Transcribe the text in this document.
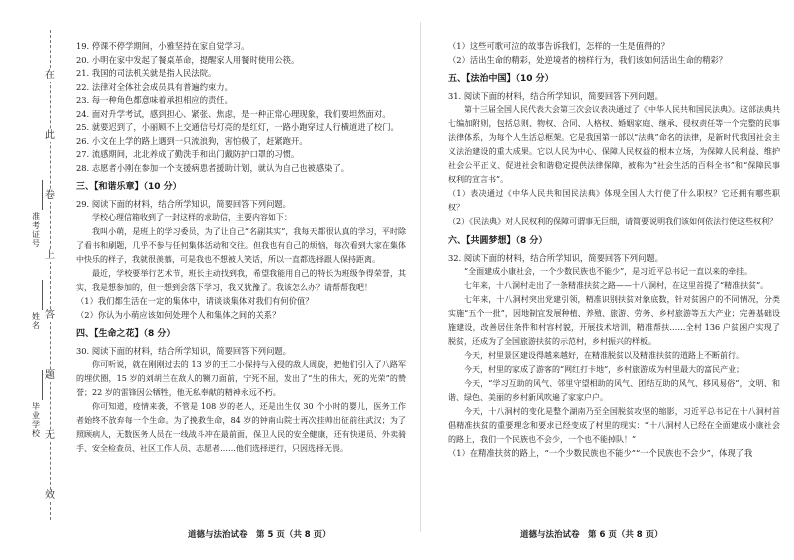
在
此
卷
上
答
题
无
效
准考证号
姓名
毕业学校
19. 停课不停学期间，小雅坚持在家自觉学习。
20. 小明在家中发起了餐桌革命，提醒家人用餐时使用公筷。
21. 我国的司法机关就是指人民法院。
22. 法律对全体社会成员具有普遍约束力。
23. 每一种角色都意味着承担相应的责任。
24. 面对升学考试，感到担心、紧张、焦虑，是一种正常心理现象，我们要坦然面对。
25. 就要迟到了，小丽顾不上交通信号灯亮的是红灯，一路小跑穿过人行横道进了校门。
26. 小文在上学的路上遇到一只流浪狗，害怕极了，赶紧跑开。
27. 流感期间，北北养成了勤洗手和出门戴防护口罩的习惯。
28. 志愿者小刚在参加一个支援病患者援助计划，就认为自己也被感染了。
三、【和谐乐章】（10 分）
29. 阅读下面的材料，结合所学知识，简要回答下列问题。
学校心理信箱收到了一封这样的求助信，主要内容如下：
我叫小萌，是班上的学习委员，为了让自己“名副其实”，我每天都很认真的学习，平时除了看书和刷题，几乎不参与任何集体活动和交往。但我也有自己的烦恼，每次看到大家在集体中快乐的样子，我就很羡慕，可是我也不想被人笑话，所以一直都选择跟人保持距离。
最近，学校要举行艺术节，班长主动找到我，希望我能用自己的特长为班级争得荣誉，其实，我是想参加的，但一想到会落下学习，我又犹豫了。我该怎么办？请帮帮我吧！
（1）我们都生活在一定的集体中，请谈谈集体对我们有何价值？
（2）你认为小萌应该如何处理个人和集体之间的关系？
四、【生命之花】（8 分）
30. 阅读下面的材料，结合所学知识，简要回答下列问题。
你可听说，就在刚刚过去的 13 岁的王二小保持与入侵的敌人周旋，把他们引入了八路军的埋伏圈，15 岁的刘胡兰在敌人的铡刀面前，宁死不屈，发出了“生的伟大，死的光荣”的赞誉；22 岁的雷锋因公牺牲，他无私奉献的精神永远不朽。
你可知道，疫情来袭，不管是 108 岁的老人，还是出生仅 30 个小时的婴儿，医务工作者始终不放弃每一个生命。为了挽救生命，84 岁的钟南山院士再次挂帅出征前往武汉；为了照顾病人，无数医务人员在一线战斗冲在最前面，保卫人民的安全健康，还有快递员、外卖骑手、安全检查员、社区工作人员、志愿者……他们选择逆行，只因选择无畏。
（1）这些可歌可泣的故事告诉我们，怎样的一生是值得的？
（2）活出生命的精彩，处逆境者的榜样行为，我们该如何活出生命的精彩？
五、【法治中国】（10 分）
31. 阅读下面的材料，结合所学知识，简要回答下列问题。
第十三届全国人民代表大会第三次会议表决通过了《中华人民共和国民法典》。这部法典共七编加附则，包括总则、物权、合同、人格权、婚姻家庭、继承、侵权责任等一个完整的民事法律体系，为每个人生活总框架。它是我国第一部以“法典”命名的法律，是新时代我国社会主义法治建设的重大成果。它以人民为中心、保障人民权益的根本立场，为保障人民利益、维护社会公平正义、促进社会和谐稳定提供法律保障，被称为“社会生活的百科全书”和“保障民事权利的宣言书”。
（1）表决通过《中华人民共和国民法典》体现全国人大行使了什么职权？它还拥有哪些职权？
（2）《民法典》对人民权利的保障可谓事无巨细，请简要说明我们该如何依法行使这些权利？
六、【共圆梦想】（8 分）
32. 阅读下面的材料，结合所学知识，简要回答下列问题。
“全面建成小康社会，一个少数民族也不能少”，是习近平总书记一直以来的牵挂。
七年来，十八洞村走出了一条精准扶贫之路——十八洞村，在这里首提了“精准扶贫”。
七年来，十八洞村突出党建引领，精准识别扶贫对象底数，针对贫困户的不同情况，分类实施“五个一批”，因地制宜发展种植、养殖、旅游、劳务、乡村旅游等五大产业；完善基础设施建设，改善居住条件和村容村貌，开展技术培训，精准帮扶……全村 136 户贫困户实现了脱贫，还成为了全国旅游扶贫的示范村，乡村振兴的样板。
今天，村里景区建设得越来越好，在精准脱贫以及精准扶贫的道路上不断前行。
今天，村里的家成了游客的“网红打卡地”，乡村旅游成为村里最大的富民产业；
今天，“学习互助的风气、邻里守望相助的风气、团结互助的风气、移风易俗”，文明、和谐、绿色、美丽的乡村新风吹遍了家家户户。
今天，十八洞村的变化是整个湖南乃至全国脱贫攻坚的缩影，习近平总书记在十八洞村首倡精准扶贫的重要理念和要求已经变成了村里的现实：“十八洞村人已经在全面建成小康社会的路上，我们一个民族也不会少，一个也不能掉队！”
（1）在精准扶贫的路上，“一个少数民族也不能少”“一个民族也不会少”，体现了我
道德与法治试卷　第 5 页（共 8 页）	道德与法治试卷　第 6 页（共 8 页）
